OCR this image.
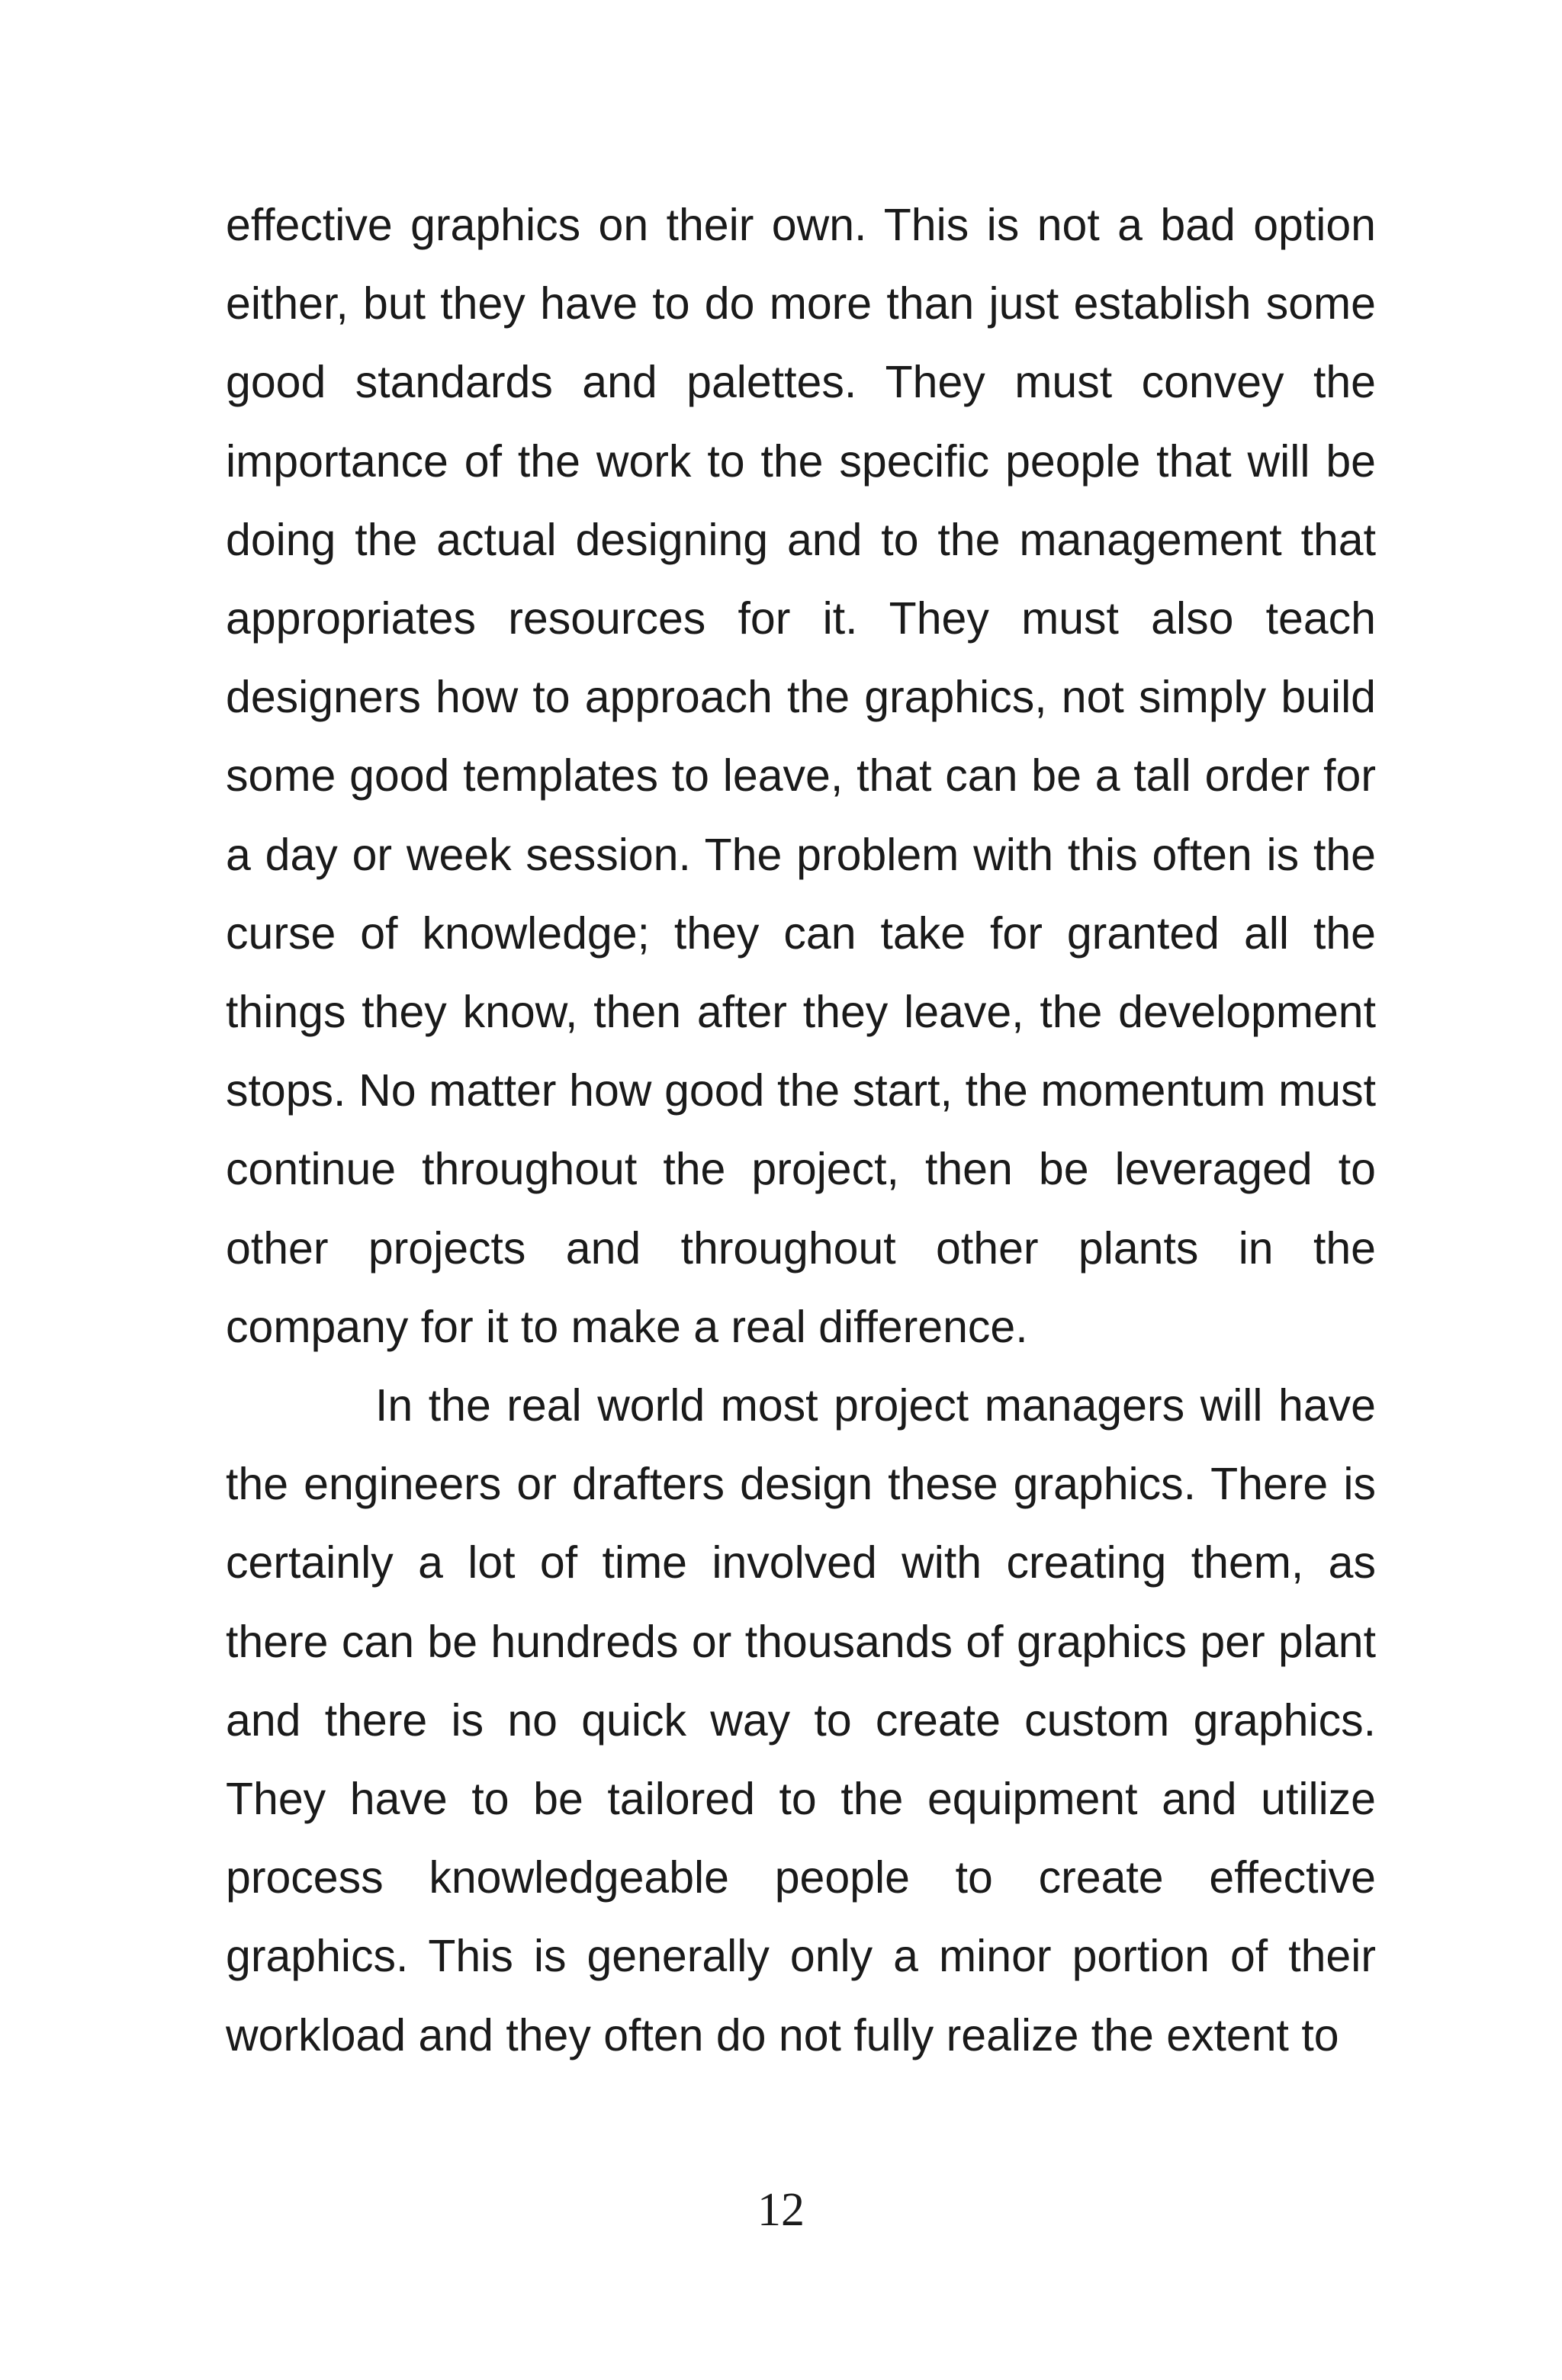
effective graphics on their own. This is not a bad option either, but they have to do more than just establish some good standards and palettes. They must convey the importance of the work to the specific people that will be doing the actual designing and to the management that appropriates resources for it. They must also teach designers how to approach the graphics, not simply build some good templates to leave, that can be a tall order for a day or week session. The problem with this often is the curse of knowledge; they can take for granted all the things they know, then after they leave, the development stops. No matter how good the start, the momentum must continue throughout the project, then be leveraged to other projects and throughout other plants in the company for it to make a real difference.

In the real world most project managers will have the engineers or drafters design these graphics. There is certainly a lot of time involved with creating them, as there can be hundreds or thousands of graphics per plant and there is no quick way to create custom graphics. They have to be tailored to the equipment and utilize process knowledgeable people to create effective graphics. This is generally only a minor portion of their workload and they often do not fully realize the extent to

12
